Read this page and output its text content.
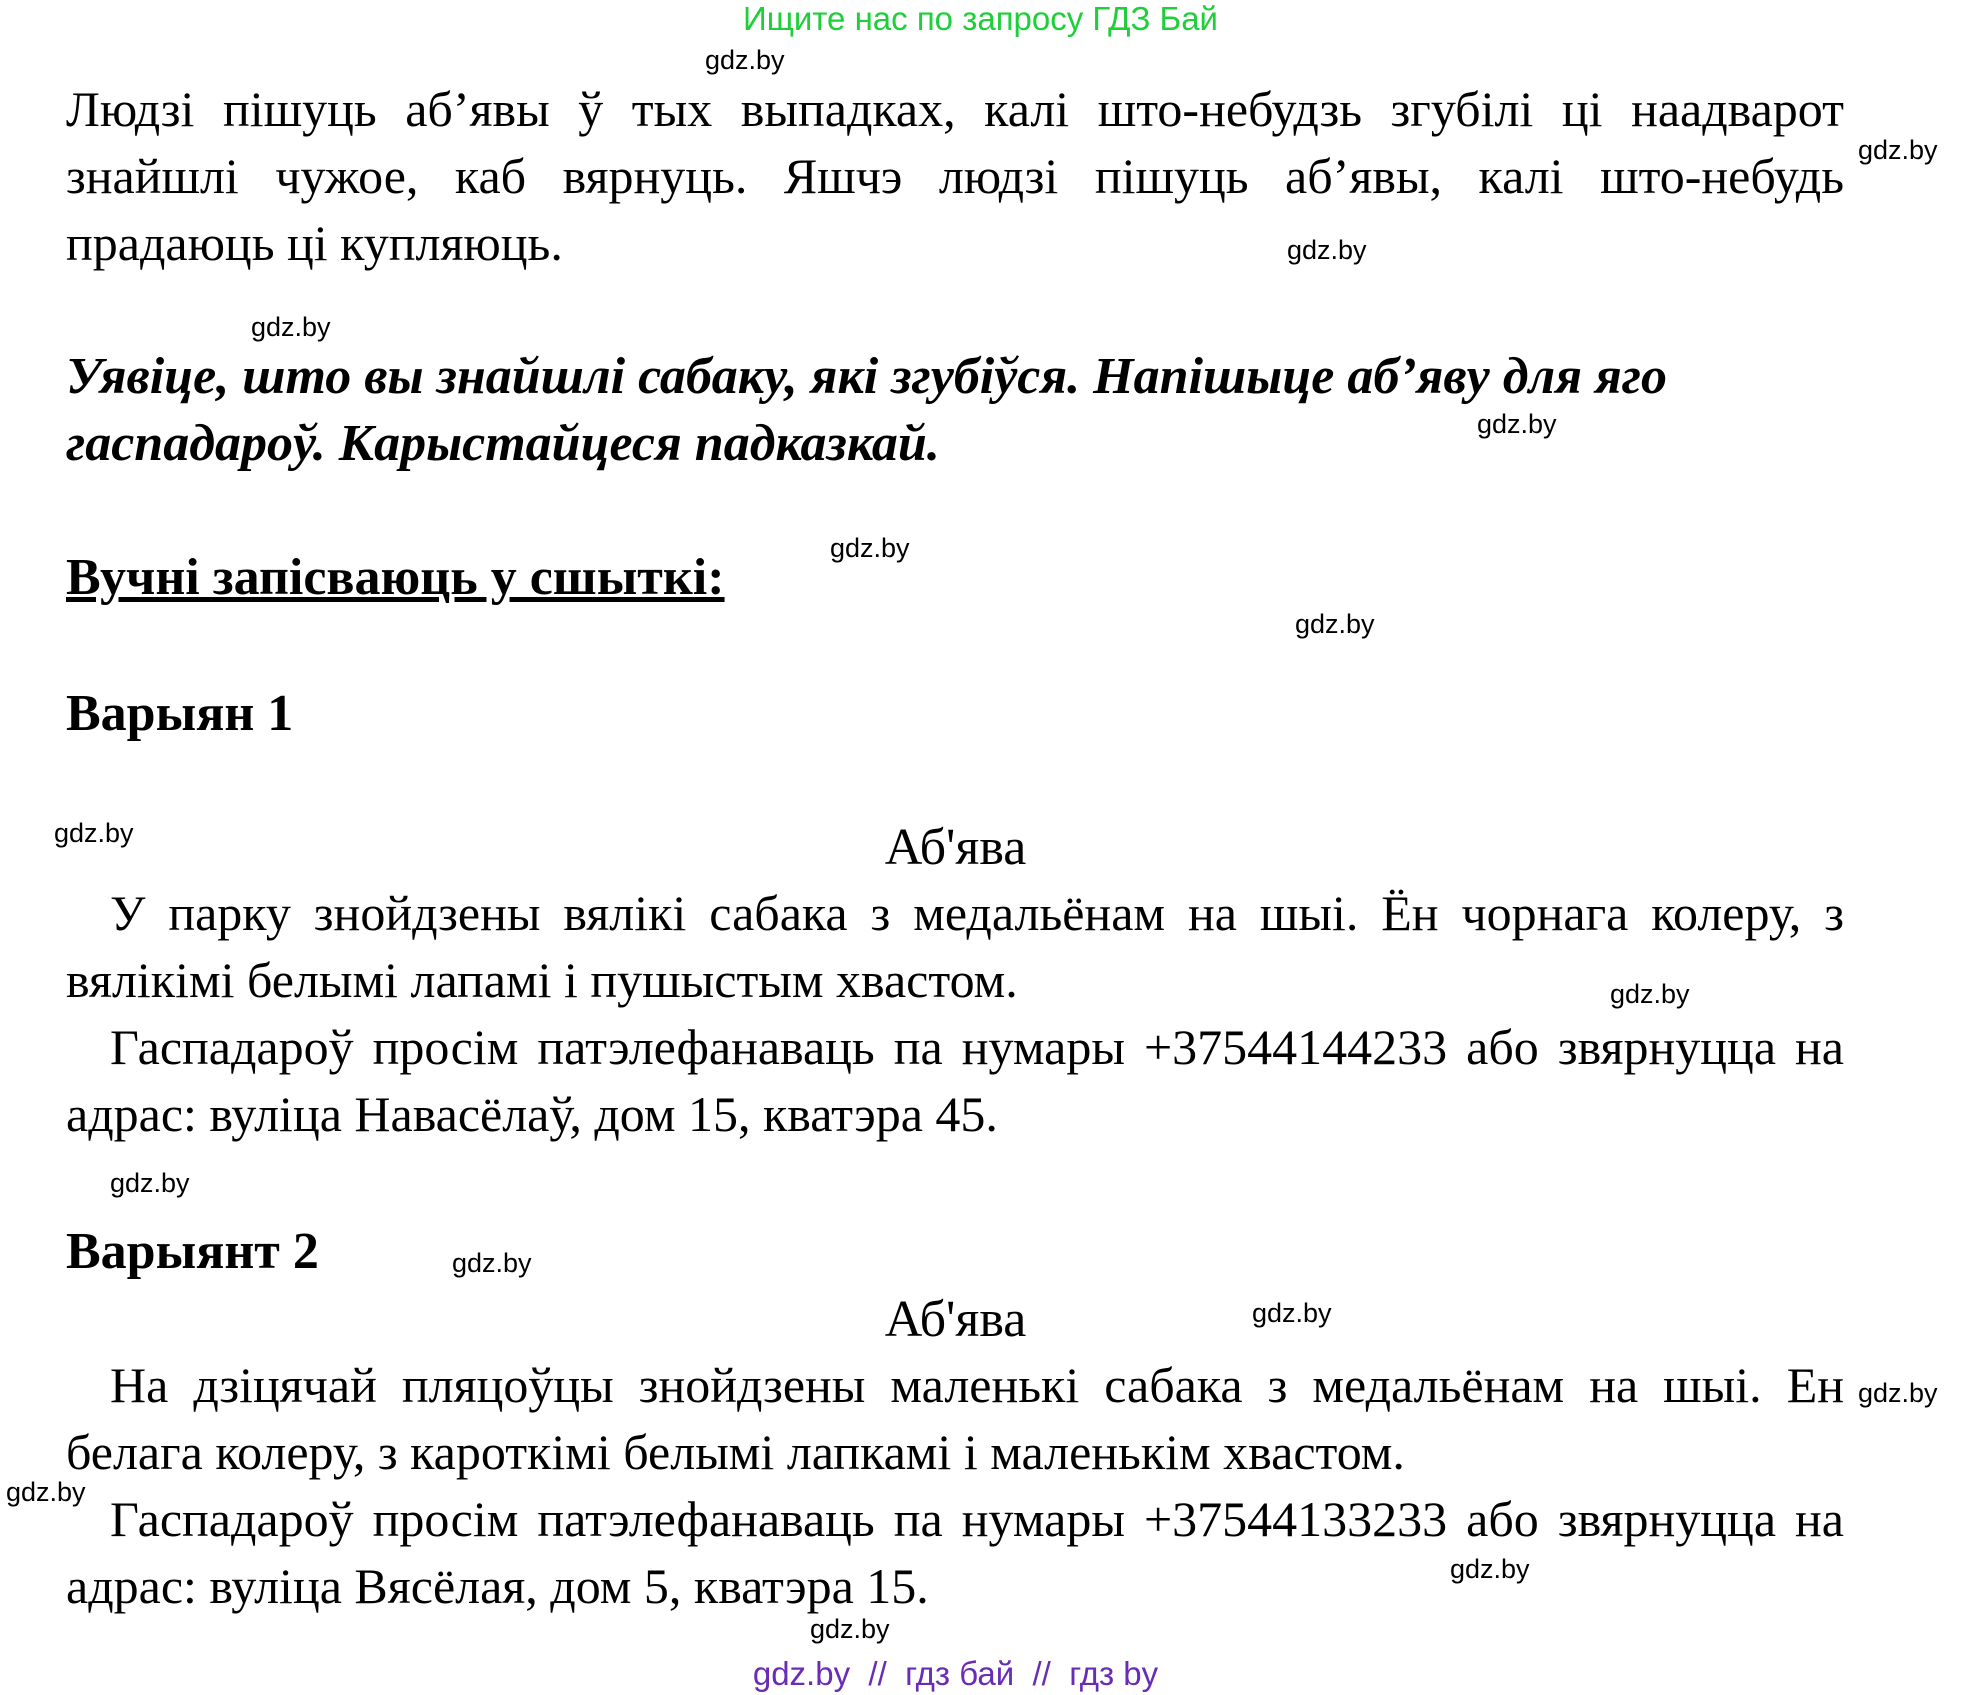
Ищите нас по запросу ГДЗ Бай

Людзі пішуць аб’явы ў тых выпадках, калі што-небудзь згубілі ці наадварот знайшлі чужое, каб вярнуць. Яшчэ людзі пішуць аб’явы, калі што-небудь прадаюць ці купляюць.

Уявіце, што вы знайшлі сабаку, які згубіўся. Напішыце аб’яву для яго гаспадароў. Карыстайцеся падказкай.
Вучні запісваюць у сшыткі:
Варыян 1
Аб'ява

У парку знойдзены вялікі сабака з медальёнам на шыі. Ён чорнага колеру, з вялікімі белымі лапамі і пушыстым хвастом.

Гаспадароў просім патэлефанаваць па нумары +37544144233 або звярнуцца на адрас: вуліца Навасёлаў, дом 15, кватэра 45.

Варыянт 2
Аб'ява

На дзіцячай пляцоўцы знойдзены маленькі сабака з медальёнам на шыі. Ен белага колеру, з кароткімі белымі лапкамі і маленькім хвастом.

Гаспадароў просім патэлефанаваць па нумары +37544133233 або звярнуцца на адрас: вуліца Вясёлая, дом 5, кватэра 15.

gdz.by
gdz.by
gdz.by
gdz.by
gdz.by
gdz.by
gdz.by
gdz.by
gdz.by
gdz.by
gdz.by
gdz.by
gdz.by
gdz.by
gdz.by
gdz.by
gdz.by // гдз бай // гдз by
